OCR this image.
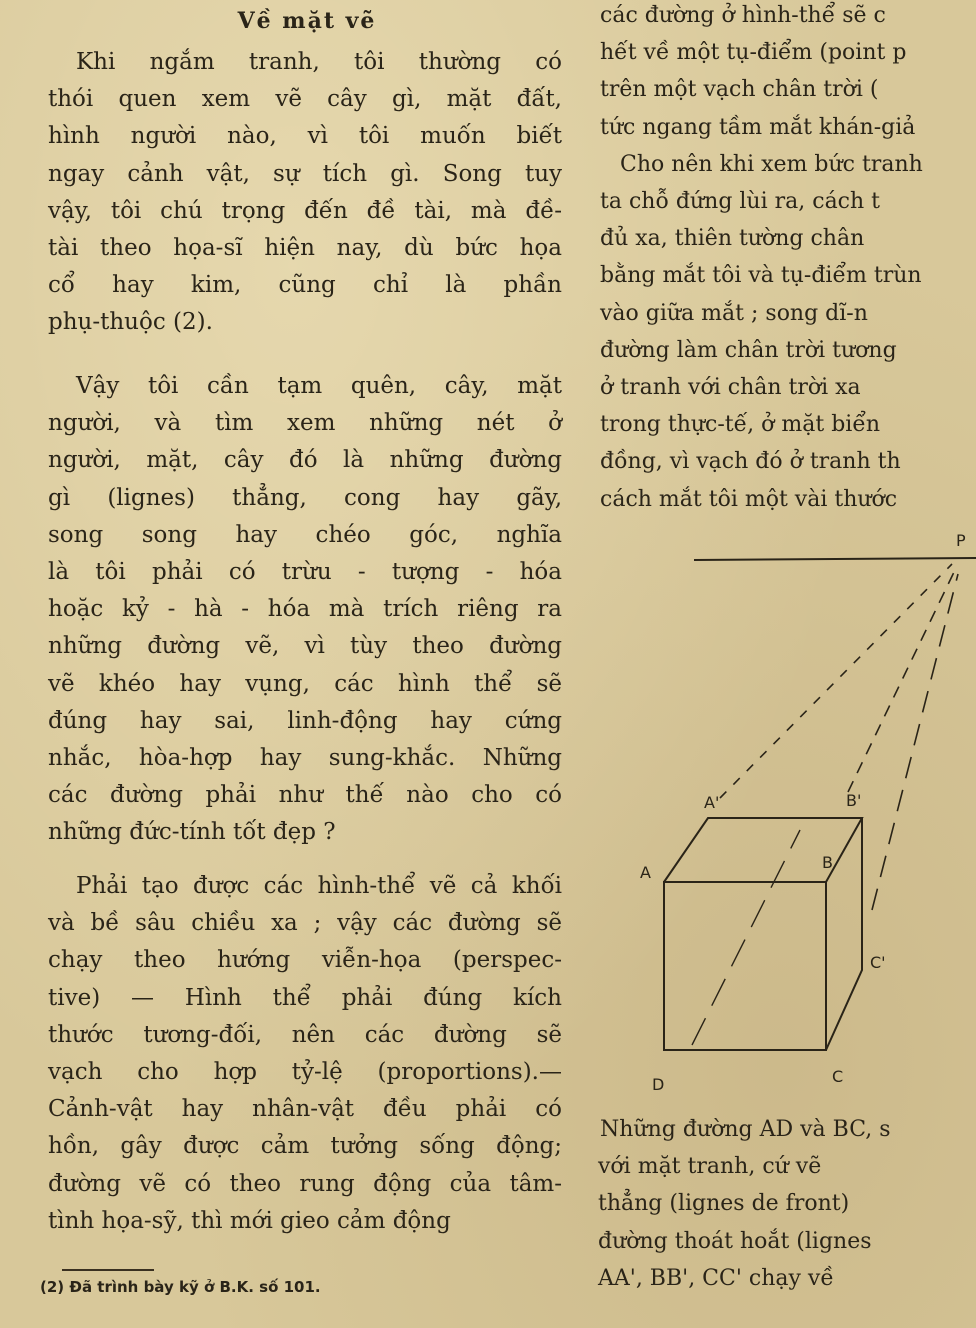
Về mặt vẽ
Khi ngắm tranh, tôi thường có
thói quen xem vẽ cây gì, mặt đất,
hình người nào, vì tôi muốn biết
ngay cảnh vật, sự tích gì. Song tuy
vậy, tôi chú trọng đến đề tài, mà đề-
tài theo họa-sĩ hiện nay, dù bức họa
cổ hay kim, cũng chỉ là phần
phụ-thuộc (2).
Vậy tôi cần tạm quên, cây, mặt
người, và tìm xem những nét ở
người, mặt, cây đó là những đường
gì (lignes) thẳng, cong hay gãy,
song song hay chéo góc, nghĩa
là tôi phải có trừu - tượng - hóa
hoặc kỷ - hà - hóa mà trích riêng ra
những đường vẽ, vì tùy theo đường
vẽ khéo hay vụng, các hình thể sẽ
đúng hay sai, linh-động hay cứng
nhắc, hòa-hợp hay sung-khắc. Những
các đường phải như thế nào cho có
những đức-tính tốt đẹp ?
Phải tạo được các hình-thể vẽ cả khối
và bề sâu chiều xa ; vậy các đường sẽ
chạy theo hướng viễn-họa (perspec-
tive) — Hình thể phải đúng kích
thước tương-đối, nên các đường sẽ
vạch cho hợp tỷ-lệ (proportions).—
Cảnh-vật hay nhân-vật đều phải có
hồn, gây được cảm tưởng sống động;
đường vẽ có theo rung động của tâm-
tình họa-sỹ, thì mới gieo cảm động
(2) Đã trình bày kỹ ở B.K. số 101.
các đường ở hình-thể sẽ c
hết về một tụ-điểm (point p
trên một vạch chân trời (
tức ngang tầm mắt khán-giả
Cho nên khi xem bức tranh
ta chỗ đứng lùi ra, cách t
đủ xa, thiên tường chân
bằng mắt tôi và tụ-điểm trùn
vào giữa mắt ; song dĩ-n
đường làm chân trời tương
ở tranh với chân trời xa
trong thực-tế, ở mặt biển
đồng, vì vạch đó ở tranh th
cách mắt tôi một vài thước
Những đường AD và BC, s
với mặt tranh, cứ vẽ
thẳng (lignes de front)
đường thoát hoắt (lignes
AA', BB', CC' chạy về
P
A
A'
B
B'
C
C'
D
